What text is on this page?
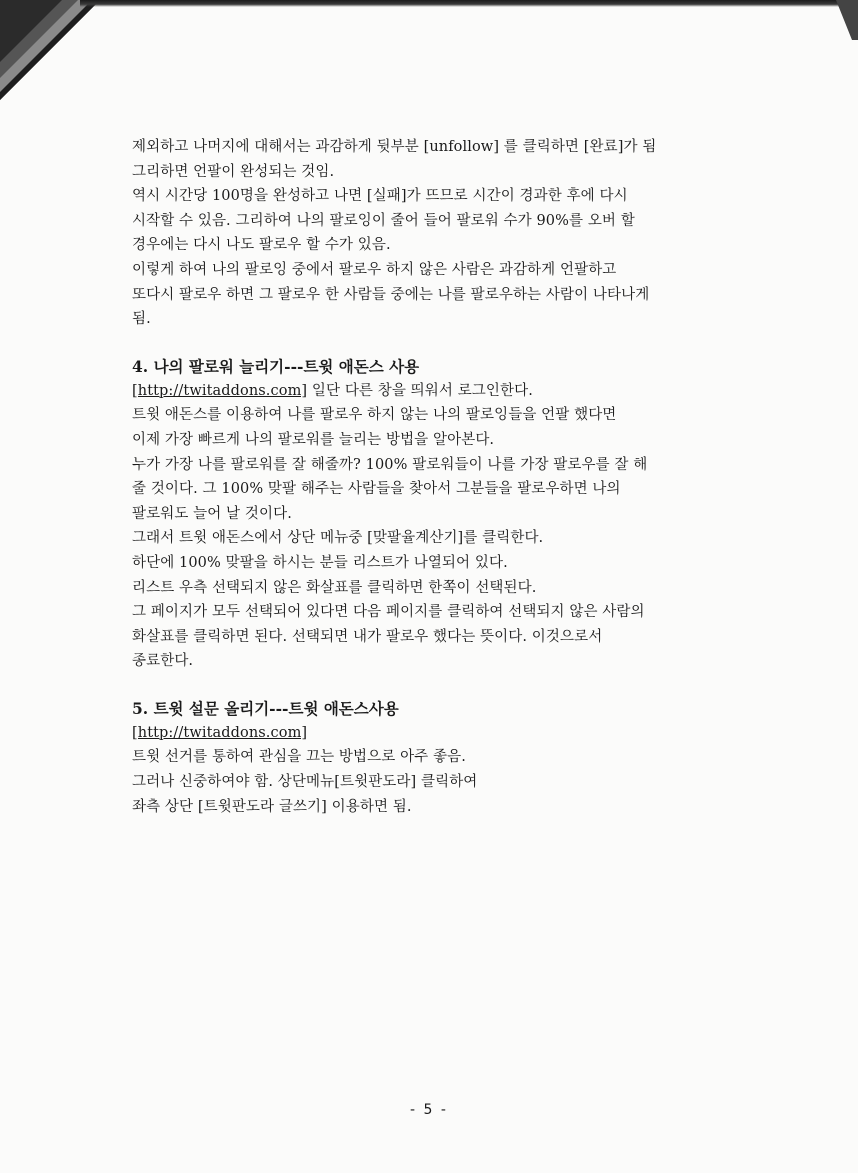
제외하고 나머지에 대해서는 과감하게 뒷부분 [unfollow] 를 클릭하면 [완료]가 됨
그리하면 언팔이 완성되는 것임.
역시 시간당 100명을 완성하고 나면 [실패]가 뜨므로 시간이 경과한 후에 다시
시작할 수 있음. 그리하여 나의 팔로잉이 줄어 들어 팔로워 수가 90%를 오버 할
경우에는 다시 나도 팔로우 할 수가 있음.
이렇게 하여 나의 팔로잉 중에서 팔로우 하지 않은 사람은 과감하게 언팔하고
또다시 팔로우 하면 그 팔로우 한 사람들 중에는 나를 팔로우하는 사람이 나타나게
됨.
4. 나의 팔로워 늘리기---트윗 애돈스 사용
[http://twitaddons.com] 일단 다른 창을 띄워서 로그인한다.
트윗 애돈스를 이용하여 나를 팔로우 하지 않는 나의 팔로잉들을 언팔 했다면
이제 가장 빠르게 나의 팔로워를 늘리는 방법을 알아본다.
누가 가장 나를 팔로워를 잘 해줄까? 100% 팔로워들이 나를 가장 팔로우를 잘 해
줄 것이다. 그 100% 맞팔 해주는 사람들을 찾아서 그분들을 팔로우하면 나의
팔로워도 늘어 날 것이다.
그래서 트윗 애돈스에서 상단 메뉴중 [맞팔율계산기]를 클릭한다.
하단에 100% 맞팔을 하시는 분들 리스트가 나열되어 있다.
리스트 우측 선택되지 않은 화살표를 클릭하면 한쪽이 선택된다.
그 페이지가 모두 선택되어 있다면 다음 페이지를 클릭하여 선택되지 않은 사람의
화살표를 클릭하면 된다. 선택되면 내가 팔로우 했다는 뜻이다. 이것으로서
종료한다.
5. 트윗 설문 올리기---트윗 애돈스사용
[http://twitaddons.com]
트윗 선거를 통하여 관심을 끄는 방법으로 아주 좋음.
그러나 신중하여야 함. 상단메뉴[트윗판도라] 클릭하여
좌측 상단 [트윗판도라 글쓰기] 이용하면 됨.
- 5 -
